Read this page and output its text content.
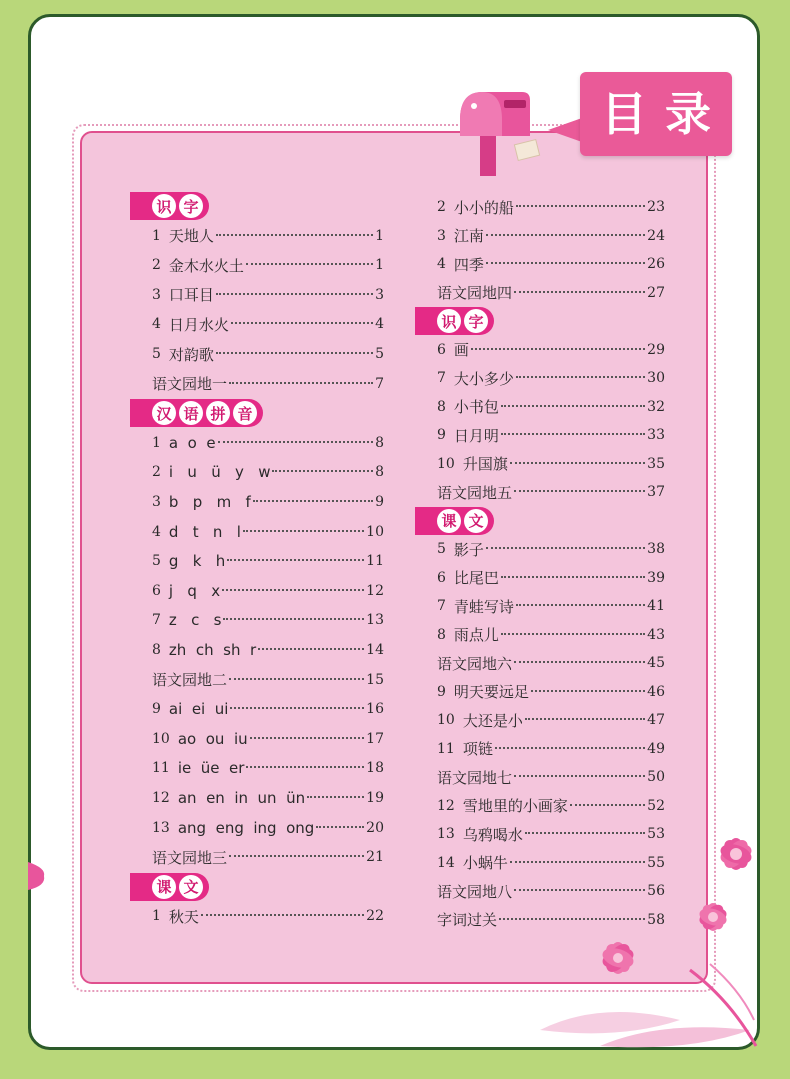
目录
识 字
1 天地人	1
2 金木水火土	1
3 口耳目	3
4 日月水火	4
5 对韵歌	5
语文园地一	7
汉 语 拼 音
1 a  o  e	8
2 i   u   ü   y   w	8
3 b   p   m   f	9
4 d   t   n   l	10
5 g   k   h	11
6 j   q   x	12
7 z   c   s	13
8 zh  ch  sh  r	14
语文园地二	15
9 ai  ei  ui	16
10 ao  ou  iu	17
11 ie  üe  er	18
12 an  en  in  un  ün	19
13 ang  eng  ing  ong	20
语文园地三	21
课 文
1 秋天	22
2 小小的船	23
3 江南	24
4 四季	26
语文园地四	27
识 字
6 画	29
7 大小多少	30
8 小书包	32
9 日月明	33
10 升国旗	35
语文园地五	37
课 文
5 影子	38
6 比尾巴	39
7 青蛙写诗	41
8 雨点儿	43
语文园地六	45
9 明天要远足	46
10 大还是小	47
11 项链	49
语文园地七	50
12 雪地里的小画家	52
13 乌鸦喝水	53
14 小蜗牛	55
语文园地八	56
字词过关	58
